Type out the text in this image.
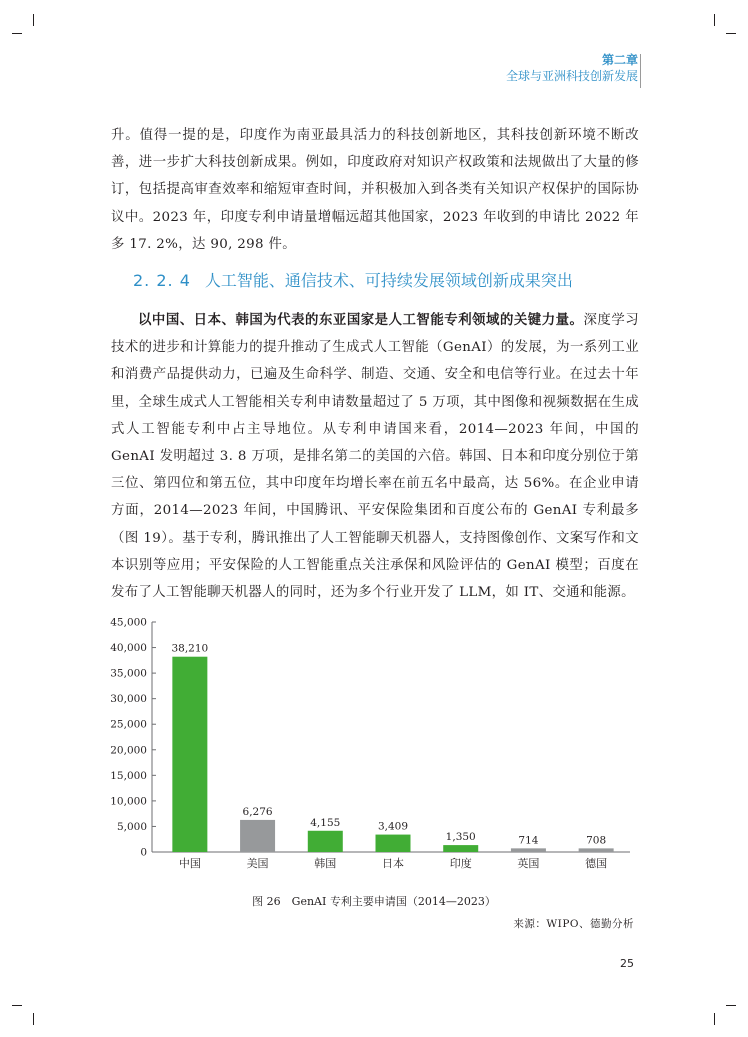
第二章
全球与亚洲科技创新发展
升。值得一提的是，印度作为南亚最具活力的科技创新地区，其科技创新环境不断改善，进一步扩大科技创新成果。例如，印度政府对知识产权政策和法规做出了大量的修订，包括提高审查效率和缩短审查时间，并积极加入到各类有关知识产权保护的国际协议中。2023 年，印度专利申请量增幅远超其他国家，2023 年收到的申请比 2022 年多 17. 2%，达 90, 298 件。
2. 2. 4 人工智能、通信技术、可持续发展领域创新成果突出
以中国、日本、韩国为代表的东亚国家是人工智能专利领域的关键力量。深度学习技术的进步和计算能力的提升推动了生成式人工智能（GenAI）的发展，为一系列工业和消费产品提供动力，已遍及生命科学、制造、交通、安全和电信等行业。在过去十年里，全球生成式人工智能相关专利申请数量超过了 5 万项，其中图像和视频数据在生成式人工智能专利中占主导地位。从专利申请国来看，2014—2023 年间，中国的 GenAI 发明超过 3. 8 万项，是排名第二的美国的六倍。韩国、日本和印度分别位于第三位、第四位和第五位，其中印度年均增长率在前五名中最高，达 56%。在企业申请方面，2014—2023 年间，中国腾讯、平安保险集团和百度公布的 GenAI 专利最多（图 19）。基于专利，腾讯推出了人工智能聊天机器人，支持图像创作、文案写作和文本识别等应用；平安保险的人工智能重点关注承保和风险评估的 GenAI 模型；百度在发布了人工智能聊天机器人的同时，还为多个行业开发了 LLM，如 IT、交通和能源。
0
5,000
10,000
15,000
20,000
25,000
30,000
35,000
40,000
45,000
38,210
中国
6,276
美国
4,155
韩国
3,409
日本
1,350
印度
714
英国
708
德国
图 26　GenAI 专利主要申请国（2014—2023）
来源：WIPO、德勤分析
25
